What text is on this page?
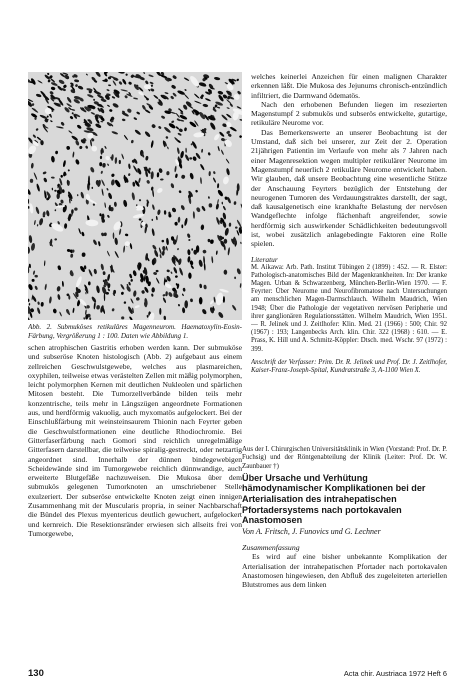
Abb. 2. Submuköses retikuläres Magenneurom. Haematoxylin-Eosin-Färbung, Vergrößerung 1 : 100. Daten wie Abbildung 1.

schen atrophischen Gastritis erhoben werden kann. Der submuköse und subseröse Knoten histologisch (Abb. 2) aufgebaut aus einem zellreichen Geschwulstgewebe, welches aus plasmareichen, oxyphilen, teilweise etwas verästelten Zellen mit mäßig polymorphen, leicht polymorphen Kernen mit deutlichen Nukleolen und spärlichen Mitosen besteht. Die Tumorzellverbände bilden teils mehr konzentrische, teils mehr in Längszügen angeordnete Formationen aus, und herdförmig vakuolig, auch myxomatös aufgelockert. Bei der Einschlußfärbung mit weinsteinsaurem Thionin nach Feyrter geben die Geschwulstformationen eine deutliche Rhodiochromie. Bei Gitterfaserfärbung nach Gomori sind reichlich unregelmäßige Gitterfasern darstellbar, die teilweise spiralig-gestreckt, oder netzartig angeordnet sind. Innerhalb der dünnen bindegewebigen Scheidewände sind im Tumorgewebe reichlich dünnwandige, auch erweiterte Blutgefäße nachzuweisen. Die Mukosa über dem submukös gelegenen Tumorknoten an umschriebener Stelle exulzeriert. Der subseröse entwickelte Knoten zeigt einen innigen Zusammenhang mit der Muscularis propria, in seiner Nachbarschaft die Bündel des Plexus myentericus deutlich gewuchert, aufgelockert und kernreich. Die Resektionsränder erwiesen sich allseits frei von Tumorgewebe,

welches keinerlei Anzeichen für einen malignen Charakter erkennen läßt. Die Mukosa des Jejunums chronisch-entzündlich infiltriert, die Darmwand ödematös.

Nach den erhobenen Befunden liegen im resezierten Magenstumpf 2 submukös und subserös entwickelte, gutartige, retikuläre Neurome vor.

Das Bemerkenswerte an unserer Beobachtung ist der Umstand, daß sich bei unserer, zur Zeit der 2. Operation 21jährigen Patientin im Verlaufe von mehr als 7 Jahren nach einer Magenresektion wegen multipler retikulärer Neurome im Magenstumpf neuerlich 2 retikuläre Neurome entwickelt haben. Wir glauben, daß unsere Beobachtung eine wesentliche Stütze der Anschauung Feyrters bezüglich der Entstehung der neurogenen Tumoren des Verdauungstraktes darstellt, der sagt, daß kausalgenetisch eine krankhafte Belastung der nervösen Wandgeflechte infolge flächenhaft angreifender, sowie herdförmig sich auswirkender Schädlichkeiten bedeutungsvoll ist, wobei zusätzlich anlagebedingte Faktoren eine Rolle spielen.

Literatur

M. Aikawa: Arb. Path. Institut Tübingen 2 (1899) : 452. — R. Elster: Pathologisch-anatomisches Bild der Magenkrankheiten. In: Der kranke Magen. Urban & Schwarzenberg, München-Berlin-Wien 1970. — F. Feyrter: Über Neurome und Neurofibromatose nach Untersuchungen am menschlichen Magen-Darmschlauch. Wilhelm Maudrich, Wien 1948; Über die Pathologie der vegetativen nervösen Peripherie und ihrer ganglionären Regulationsstätten. Wilhelm Maudrich, Wien 1951. — R. Jelinek und J. Zeitlhofer: Klin. Med. 21 (1966) : 500; Chir. 92 (1967) : 193; Langenbecks Arch. klin. Chir. 322 (1968) : 610. — E. Prass, K. Hill und A. Schmitz-Köppler: Dtsch. med. Wschr. 97 (1972) : 399.

Anschrift der Verfasser: Prim. Dr. R. Jelinek und Prof. Dr. J. Zeitlhofer, Kaiser-Franz-Joseph-Spital, Kundratstraße 3, A-1100 Wien X.

Aus der I. Chirurgischen Universitätsklinik in Wien (Vorstand: Prof. Dr. P. Fuchsig) und der Röntgenabteilung der Klinik (Leiter: Prof. Dr. W. Zaunbauer †)

Über Ursache und Verhütung hämodynamischer Komplikationen bei der Arterialisation des intrahepatischen Pfortadersystems nach portokavalen Anastomosen
Von A. Fritsch, J. Funovics und G. Lechner
Zusammenfassung

Es wird auf eine bisher unbekannte Komplikation der Arterialisation der intrahepatischen Pfortader nach portokavalen Anastomosen hingewiesen, den Abfluß des zugeleiteten arteriellen Blutstromes aus dem linken

130	Acta chir. Austriaca 1972 Heft 6
